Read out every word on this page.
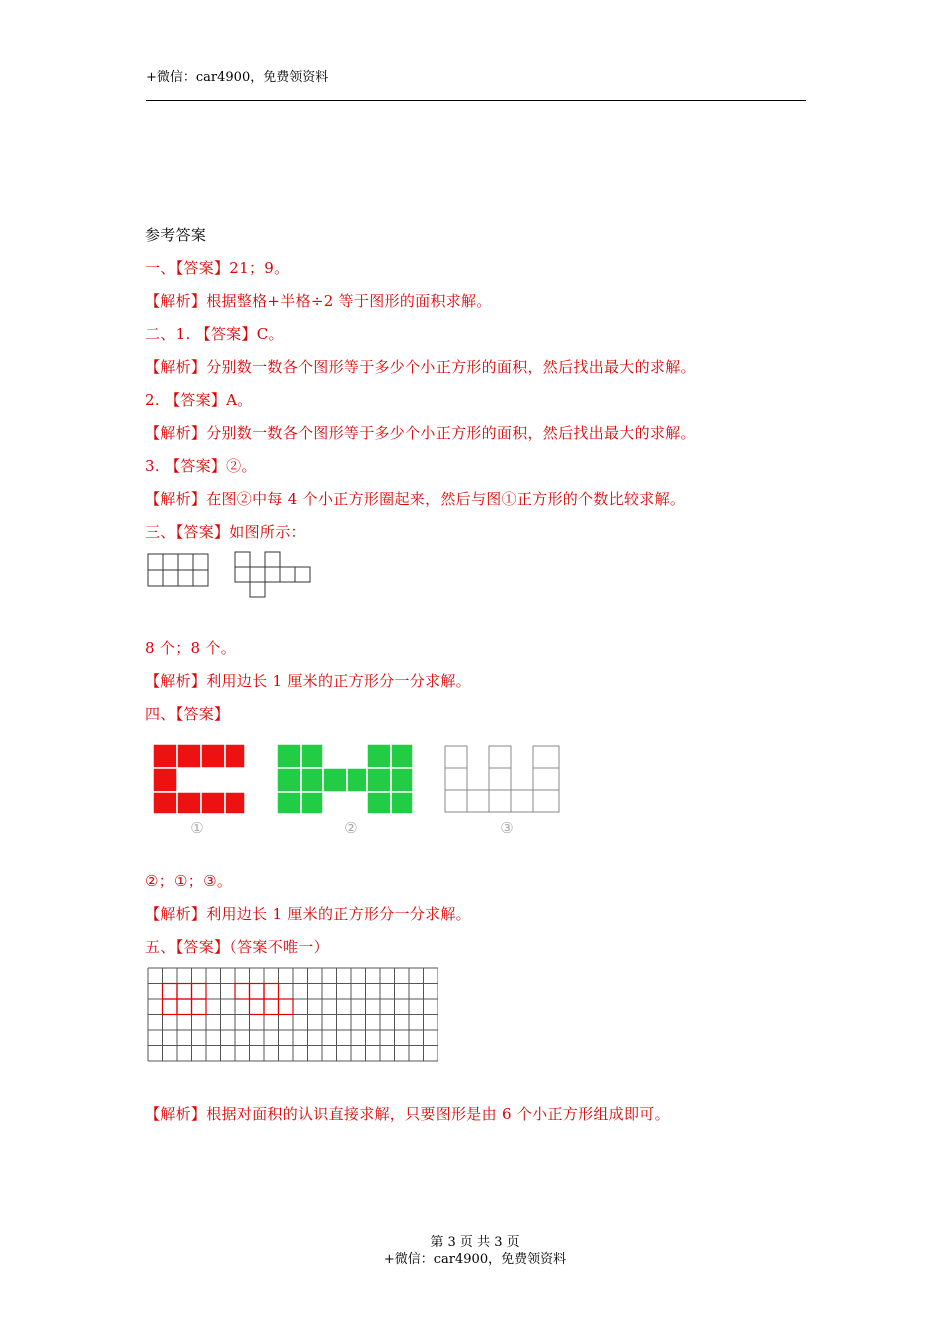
+微信：car4900，免费领资料
参考答案
一、【答案】21；9。
【解析】根据整格+半格÷2 等于图形的面积求解。
二、1. 【答案】C。
【解析】分别数一数各个图形等于多少个小正方形的面积，然后找出最大的求解。
2. 【答案】A。
【解析】分别数一数各个图形等于多少个小正方形的面积，然后找出最大的求解。
3. 【答案】②。
【解析】在图②中每 4 个小正方形圈起来，然后与图①正方形的个数比较求解。
三、【答案】如图所示：
8 个；8 个。
【解析】利用边长 1 厘米的正方形分一分求解。
四、【答案】
①	②	③
②；①；③。
【解析】利用边长 1 厘米的正方形分一分求解。
五、【答案】（答案不唯一）
【解析】根据对面积的认识直接求解，只要图形是由 6 个小正方形组成即可。
第 3 页 共 3 页
+微信：car4900，免费领资料
